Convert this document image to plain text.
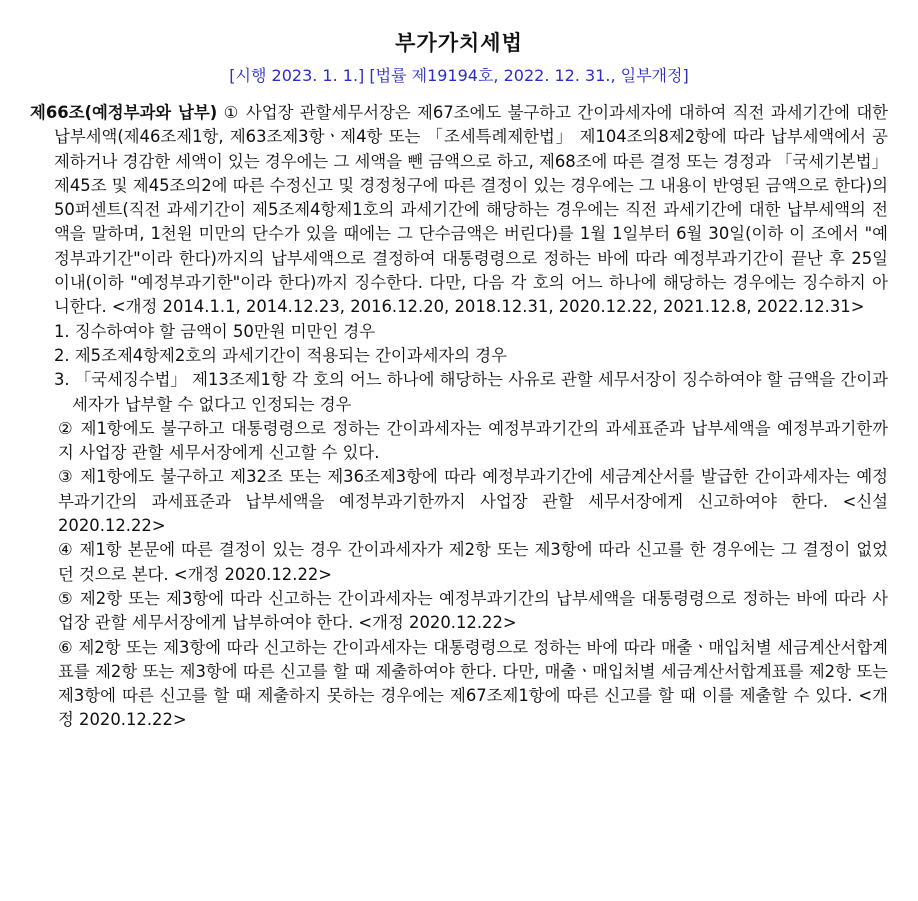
부가가치세법
[시행 2023. 1. 1.] [법률 제19194호, 2022. 12. 31., 일부개정]

제66조(예정부과와 납부) ① 사업장 관할세무서장은 제67조에도 불구하고 간이과세자에 대하여 직전 과세기간에 대한 납부세액(제46조제1항, 제63조제3항ㆍ제4항 또는 「조세특례제한법」 제104조의8제2항에 따라 납부세액에서 공제하거나 경감한 세액이 있는 경우에는 그 세액을 뺀 금액으로 하고, 제68조에 따른 결정 또는 경정과 「국세기본법」 제45조 및 제45조의2에 따른 수정신고 및 경정청구에 따른 결정이 있는 경우에는 그 내용이 반영된 금액으로 한다)의 50퍼센트(직전 과세기간이 제5조제4항제1호의 과세기간에 해당하는 경우에는 직전 과세기간에 대한 납부세액의 전액을 말하며, 1천원 미만의 단수가 있을 때에는 그 단수금액은 버린다)를 1월 1일부터 6월 30일(이하 이 조에서 "예정부과기간"이라 한다)까지의 납부세액으로 결정하여 대통령령으로 정하는 바에 따라 예정부과기간이 끝난 후 25일 이내(이하 "예정부과기한"이라 한다)까지 징수한다. 다만, 다음 각 호의 어느 하나에 해당하는 경우에는 징수하지 아니한다. <개정 2014.1.1, 2014.12.23, 2016.12.20, 2018.12.31, 2020.12.22, 2021.12.8, 2022.12.31>

1. 징수하여야 할 금액이 50만원 미만인 경우

2. 제5조제4항제2호의 과세기간이 적용되는 간이과세자의 경우

3. 「국세징수법」 제13조제1항 각 호의 어느 하나에 해당하는 사유로 관할 세무서장이 징수하여야 할 금액을 간이과세자가 납부할 수 없다고 인정되는 경우

② 제1항에도 불구하고 대통령령으로 정하는 간이과세자는 예정부과기간의 과세표준과 납부세액을 예정부과기한까지 사업장 관할 세무서장에게 신고할 수 있다.

③ 제1항에도 불구하고 제32조 또는 제36조제3항에 따라 예정부과기간에 세금계산서를 발급한 간이과세자는 예정부과기간의 과세표준과 납부세액을 예정부과기한까지 사업장 관할 세무서장에게 신고하여야 한다. <신설 2020.12.22>

④ 제1항 본문에 따른 결정이 있는 경우 간이과세자가 제2항 또는 제3항에 따라 신고를 한 경우에는 그 결정이 없었던 것으로 본다. <개정 2020.12.22>

⑤ 제2항 또는 제3항에 따라 신고하는 간이과세자는 예정부과기간의 납부세액을 대통령령으로 정하는 바에 따라 사업장 관할 세무서장에게 납부하여야 한다. <개정 2020.12.22>

⑥ 제2항 또는 제3항에 따라 신고하는 간이과세자는 대통령령으로 정하는 바에 따라 매출ㆍ매입처별 세금계산서합계표를 제2항 또는 제3항에 따른 신고를 할 때 제출하여야 한다. 다만, 매출ㆍ매입처별 세금계산서합계표를 제2항 또는 제3항에 따른 신고를 할 때 제출하지 못하는 경우에는 제67조제1항에 따른 신고를 할 때 이를 제출할 수 있다. <개정 2020.12.22>
